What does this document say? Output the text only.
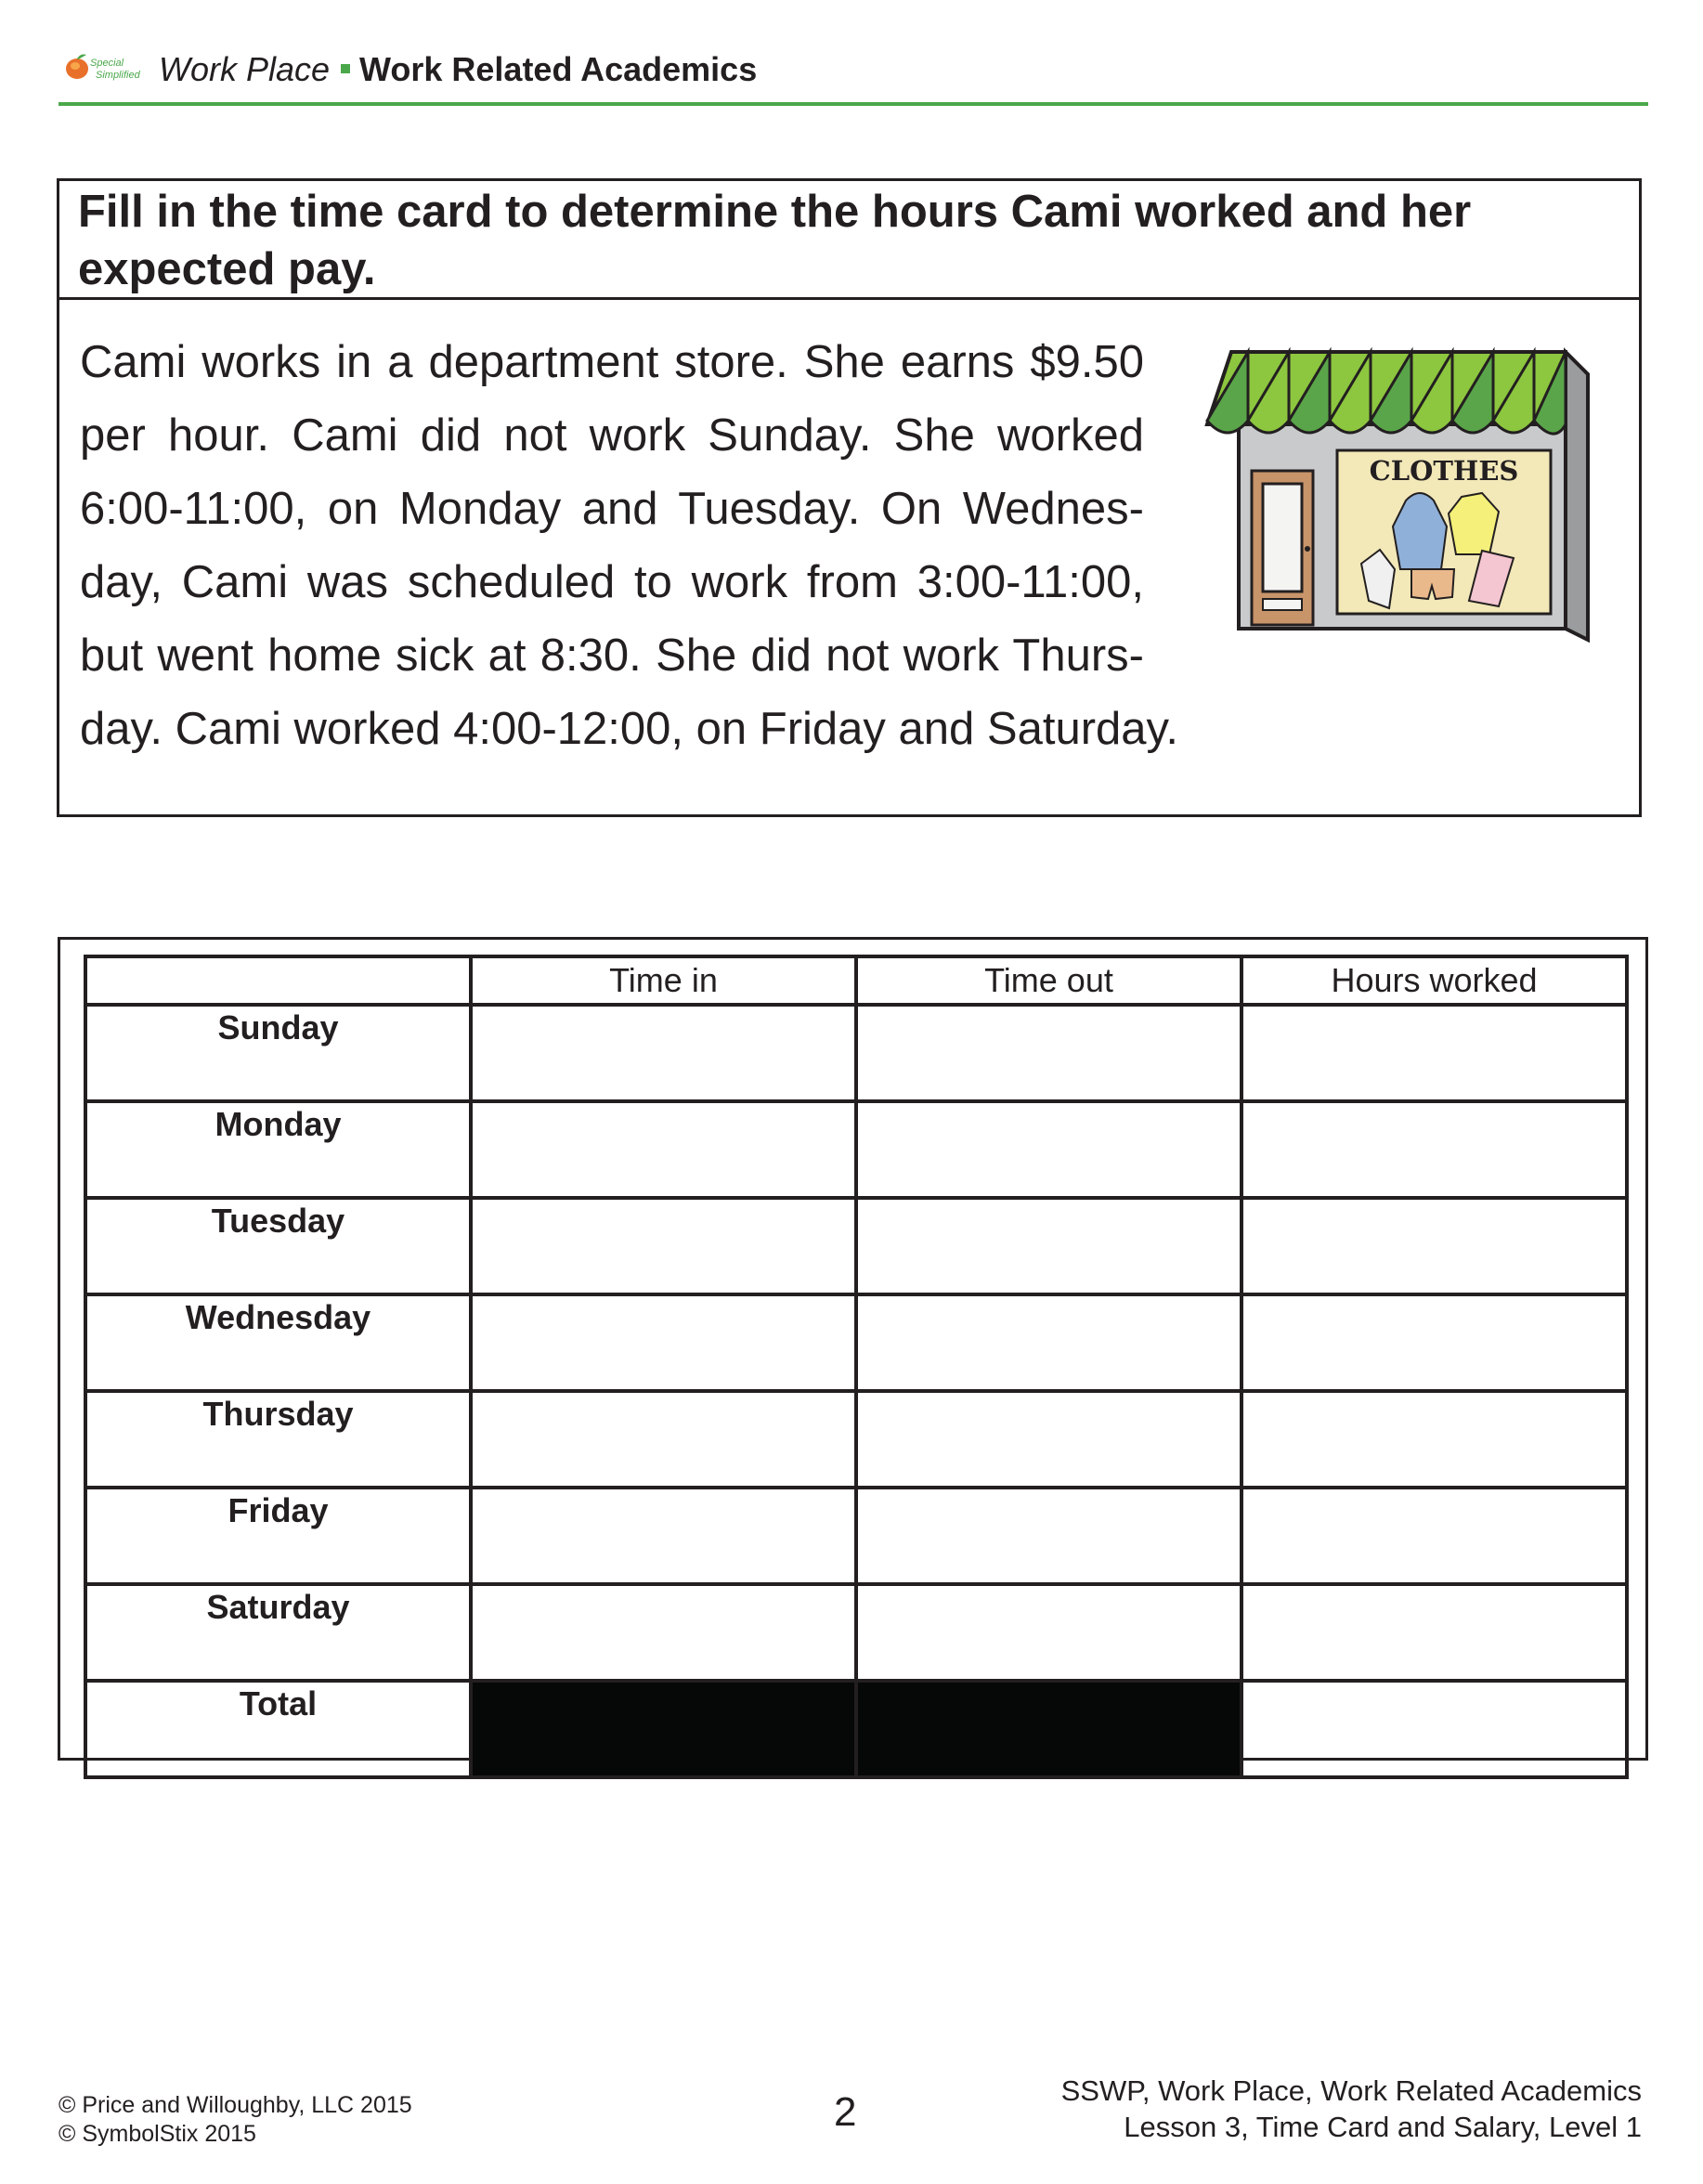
Special
Simplified Work Place Work Related Academics

Fill in the time card to determine the hours Cami worked and her expected pay.

Cami works in a department store. She earns $9.50
per hour. Cami did not work Sunday. She worked
6:00-11:00, on Monday and Tuesday. On Wednes-
day, Cami was scheduled to work from 3:00-11:00,
but went home sick at 8:30. She did not work Thurs-
day. Cami worked 4:00-12:00, on Friday and Saturday.
CLOTHES
	Time in	Time out	Hours worked
Sunday			
Monday			
Tuesday			
Wednesday			
Thursday			
Friday			
Saturday			
Total			
© Price and Willoughby, LLC 2015
© SymbolStix 2015	2	SSWP, Work Place, Work Related Academics
Lesson 3, Time Card and Salary, Level 1
